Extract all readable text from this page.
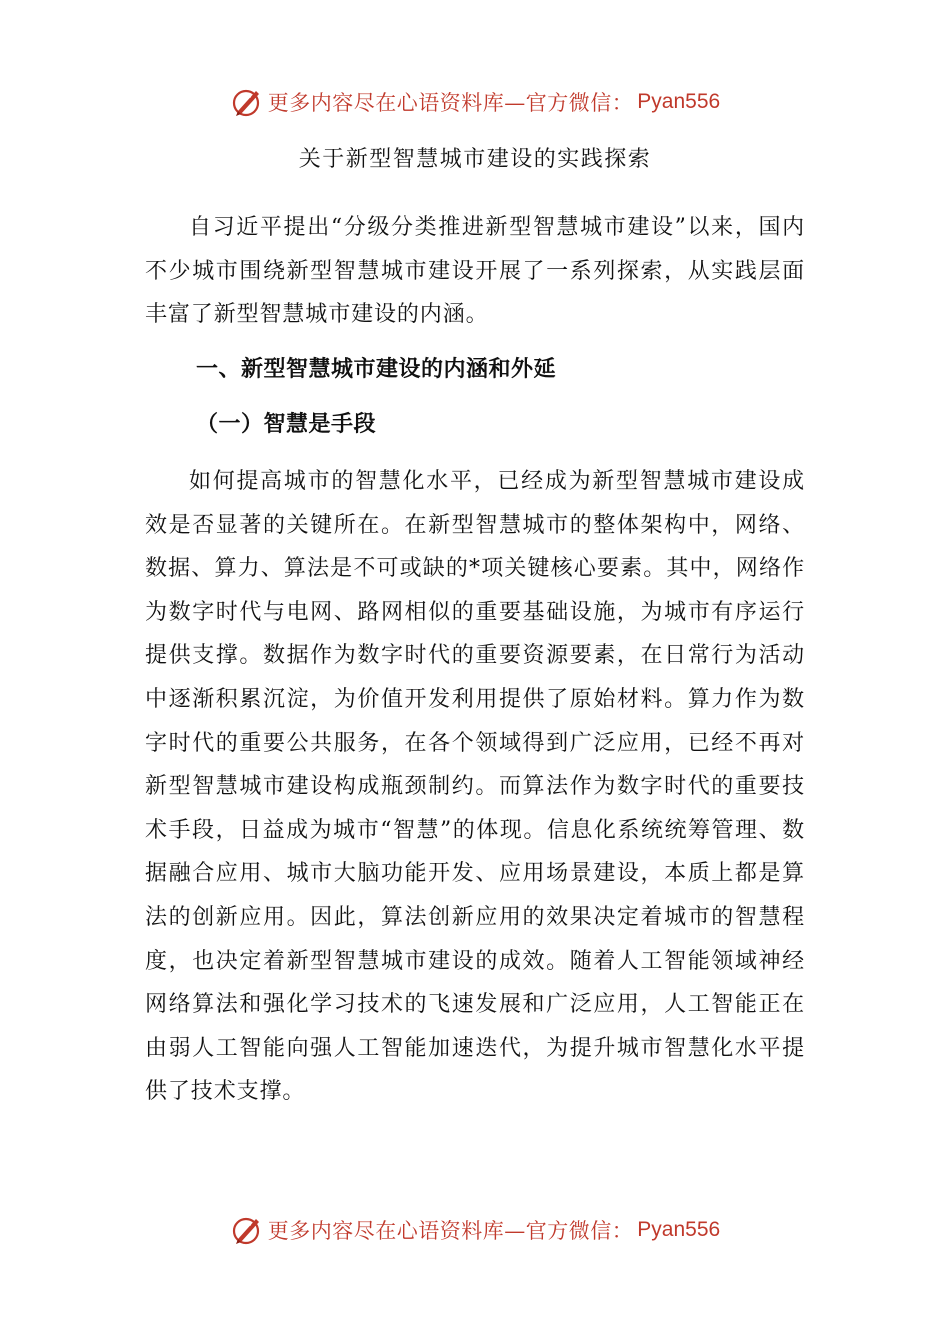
更多内容尽在心语资料库—官方微信： Pyan556
关于新型智慧城市建设的实践探索

自习近平提出“分级分类推进新型智慧城市建设”以来，国内不少城市围绕新型智慧城市建设开展了一系列探索，从实践层面丰富了新型智慧城市建设的内涵。

一、新型智慧城市建设的内涵和外延
（一）智慧是手段

如何提高城市的智慧化水平，已经成为新型智慧城市建设成效是否显著的关键所在。在新型智慧城市的整体架构中，网络、数据、算力、算法是不可或缺的*项关键核心要素。其中，网络作为数字时代与电网、路网相似的重要基础设施，为城市有序运行提供支撑。数据作为数字时代的重要资源要素，在日常行为活动中逐渐积累沉淀，为价值开发利用提供了原始材料。算力作为数字时代的重要公共服务，在各个领域得到广泛应用，已经不再对新型智慧城市建设构成瓶颈制约。而算法作为数字时代的重要技术手段，日益成为城市“智慧”的体现。信息化系统统筹管理、数据融合应用、城市大脑功能开发、应用场景建设，本质上都是算法的创新应用。因此，算法创新应用的效果决定着城市的智慧程度，也决定着新型智慧城市建设的成效。随着人工智能领域神经网络算法和强化学习技术的飞速发展和广泛应用，人工智能正在由弱人工智能向强人工智能加速迭代，为提升城市智慧化水平提供了技术支撑。

更多内容尽在心语资料库—官方微信： Pyan556
